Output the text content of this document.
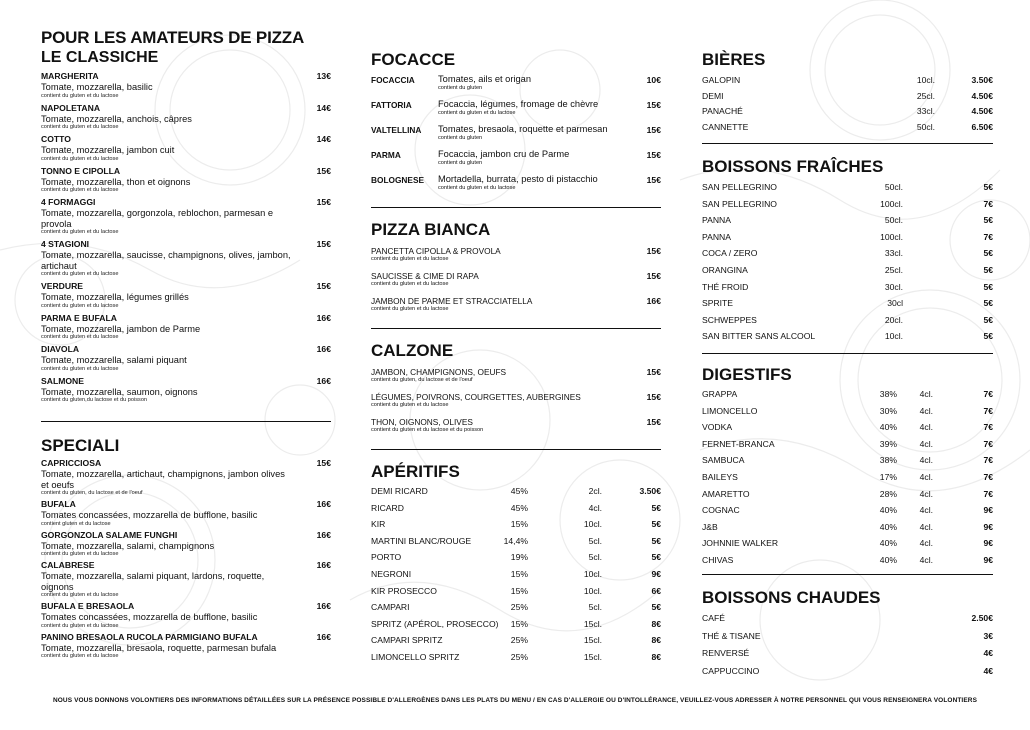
POUR LES AMATEURS DE PIZZA
LE CLASSICHE
MARGHERITA
Tomate, mozzarella, basilic
contient du gluten et du lactose
13€
NAPOLETANA
Tomate, mozzarella, anchois, câpres
contient du gluten et du lactose
14€
COTTO
Tomate, mozzarella, jambon cuit
contient du gluten et du lactose
14€
TONNO E CIPOLLA
Tomate, mozzarella, thon et oignons
contient du gluten et du lactose
15€
4 FORMAGGI
Tomate, mozzarella, gorgonzola, reblochon, parmesan e provola
contient du gluten et du lactose
15€
4 STAGIONI
Tomate, mozzarella, saucisse, champignons, olives, jambon, artichaut
contient du gluten et du lactose
15€
VERDURE
Tomate, mozzarella, légumes grillés
contient du gluten et du lactose
15€
PARMA E BUFALA
Tomate, mozzarella, jambon de Parme
contient du gluten et du lactose
16€
DIAVOLA
Tomate, mozzarella, salami piquant
contient du gluten et du lactose
16€
SALMONE
Tomate, mozzarella, saumon, oignons
contient du gluten,du lactose et du poisson
16€
SPECIALI
CAPRICCIOSA
Tomate, mozzarella, artichaut, champignons, jambon olives et oeufs
contient du gluten, du lactose et de l'oeuf
15€
BUFALA
Tomates concassées, mozzarella de bufflone, basilic
contient gluten et du lactose
16€
GORGONZOLA SALAME FUNGHI
Tomate, mozzarella, salami, champignons
contient du gluten et du lactose
16€
CALABRESE
Tomate, mozzarella, salami piquant, lardons, roquette, oignons
contient du gluten et du lactose
16€
BUFALA E BRESAOLA
Tomates concassées, mozzarella de bufflone, basilic
contient du gluten et du lactose
16€
PANINO BRESAOLA RUCOLA PARMIGIANO BUFALA
Tomate, mozzarella, bresaola, roquette, parmesan bufala
contient du gluten et du lactose
16€
FOCACCE
FOCACCIA	Tomates, ails et origan
contient du gluten
10€
FATTORIA	Focaccia, légumes, fromage de chèvre
contient du gluten et du lactose
15€
VALTELLINA	Tomates, bresaola, roquette et parmesan
contient du gluten
15€
PARMA	Focaccia, jambon cru de Parme
contient du gluten
15€
BOLOGNESE	Mortadella, burrata, pesto di pistacchio
contient du gluten et du lactose
15€
PIZZA BIANCA
PANCETTA CIPOLLA & PROVOLA
contient du gluten et du lactose
15€
SAUCISSE & CIME DI RAPA
contient du gluten et du lactose
15€
JAMBON DE PARME ET STRACCIATELLA
contient du gluten et du lactose
16€
CALZONE
JAMBON, CHAMPIGNONS, OEUFS
contient du gluten, du lactose et de l'oeuf
15€
LÉGUMES, POIVRONS, COURGETTES, AUBERGINES
contient du gluten et du lactose
15€
THON, OIGNONS, OLIVES
contient du gluten et du lactose et du poisson
15€
APÉRITIFS
DEMI RICARD	45%	2cl.	3.50€
RICARD	45%	4cl.	5€
KIR	15%	10cl.	5€
MARTINI BLANC/ROUGE	14,4%	5cl.	5€
PORTO	19%	5cl.	5€
NEGRONI	15%	10cl.	9€
KIR PROSECCO	15%	10cl.	6€
CAMPARI	25%	5cl.	5€
SPRITZ (APÉROL, PROSECCO) 15%	15cl.	8€
CAMPARI SPRITZ	25%	15cl.	8€
LIMONCELLO SPRITZ	25%	15cl.	8€
BIÈRES
GALOPIN	10cl.	3.50€
DEMI	25cl.	4.50€
PANACHÉ	33cl.	4.50€
CANNETTE	50cl.	6.50€
BOISSONS FRAÎCHES
SAN PELLEGRINO	50cl.	5€
SAN PELLEGRINO	100cl.	7€
PANNA	50cl.	5€
PANNA	100cl.	7€
COCA / ZERO	33cl.	5€
ORANGINA	25cl.	5€
THÉ FROID	30cl.	5€
SPRITE	30cl	5€
SCHWEPPES	20cl.	5€
SAN BITTER SANS ALCOOL	10cl.	5€
DIGESTIFS
GRAPPA	38%	4cl.	7€
LIMONCELLO	30%	4cl.	7€
VODKA	40%	4cl.	7€
FERNET-BRANCA	39%	4cl.	7€
SAMBUCA	38%	4cl.	7€
BAILEYS	17%	4cl.	7€
AMARETTO	28%	4cl.	7€
COGNAC	40%	4cl.	9€
J&B	40%	4cl.	9€
JOHNNIE WALKER	40%	4cl.	9€
CHIVAS	40%	4cl.	9€
BOISSONS CHAUDES
CAFÉ	2.50€
THÉ & TISANE	3€
RENVERSÉ	4€
CAPPUCCINO	4€
NOUS VOUS DONNONS VOLONTIERS DES INFORMATIONS DÉTAILLÉES SUR LA PRÉSENCE POSSIBLE D'ALLERGÈNES DANS LES PLATS DU MENU / EN CAS D'ALLERGIE OU D'INTOLLÉRANCE, VEUILLEZ-VOUS ADRESSER À NOTRE PERSONNEL QUI VOUS RENSEIGNERA VOLONTIERS
